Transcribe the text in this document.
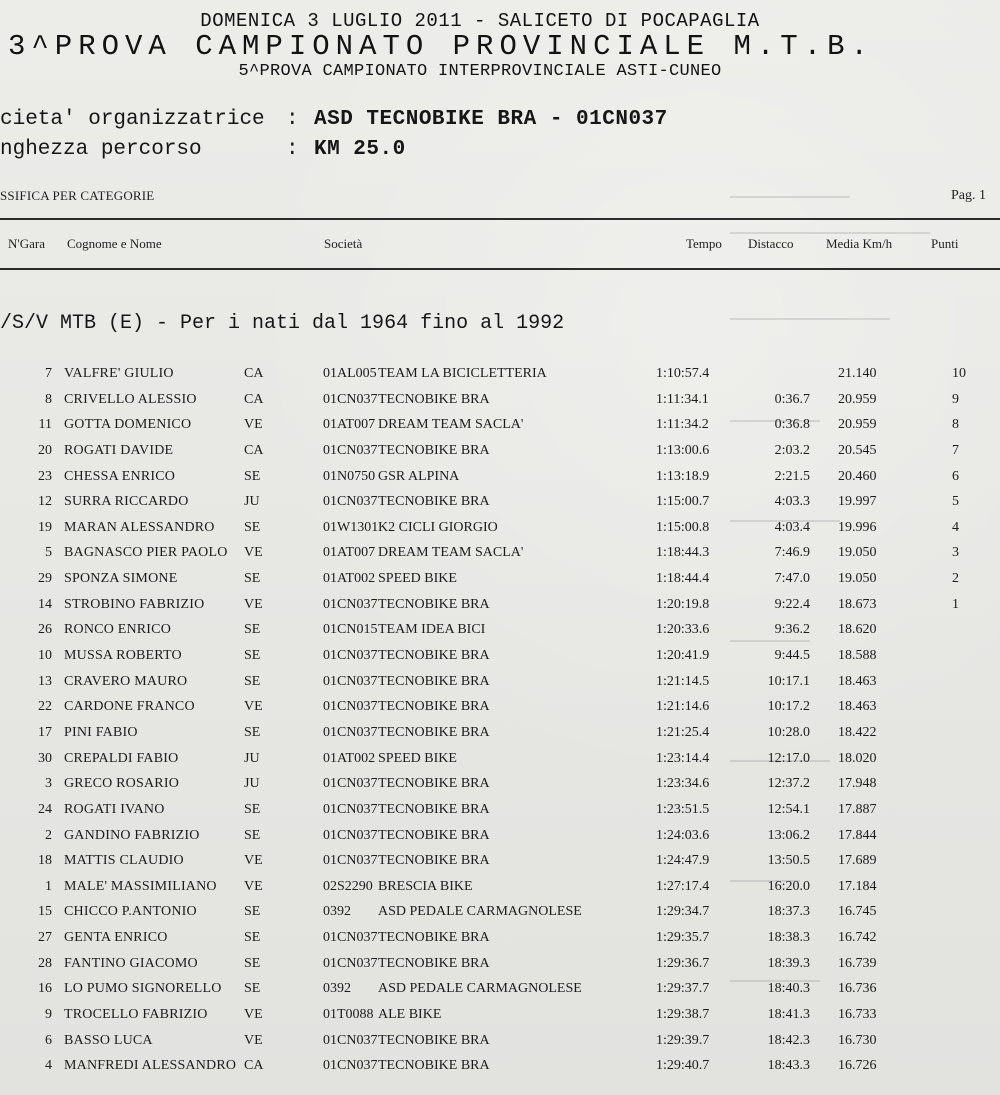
DOMENICA 3 LUGLIO 2011 - SALICETO DI POCAPAGLIA
3^PROVA CAMPIONATO PROVINCIALE M.T.B.
5^PROVA CAMPIONATO INTERPROVINCIALE ASTI-CUNEO
cieta' organizzatrice : ASD TECNOBIKE BRA - 01CN037
nghezza percorso	: KM 25.0
SSIFICA PER CATEGORIE	Pag. 1
N'Gara Cognome e Nome	Società	Tempo Distacco	Media Km/h	Punti
/S/V MTB (E) - Per i nati dal 1964 fino al 1992
7 VALFRE' GIULIO	CA	01AL005 TEAM LA BICICLETTERIA	1:10:57.4	21.140	10
8 CRIVELLO ALESSIO	CA	01CN037 TECNOBIKE BRA	1:11:34.1	0:36.7 20.959	9
11 GOTTA DOMENICO	VE	01AT007 DREAM TEAM SACLA'	1:11:34.2	0:36.8 20.959	8
20 ROGATI DAVIDE	CA	01CN037 TECNOBIKE BRA	1:13:00.6	2:03.2 20.545	7
23 CHESSA ENRICO	SE	01N0750 GSR ALPINA	1:13:18.9	2:21.5 20.460	6
12 SURRA RICCARDO	JU	01CN037 TECNOBIKE BRA	1:15:00.7	4:03.3 19.997	5
19 MARAN ALESSANDRO SE	01W1301 K2 CICLI GIORGIO	1:15:00.8	4:03.4 19.996	4
5 BAGNASCO PIER PAOLO VE	01AT007 DREAM TEAM SACLA'	1:18:44.3	7:46.9 19.050	3
29 SPONZA SIMONE	SE	01AT002 SPEED BIKE	1:18:44.4	7:47.0 19.050	2
14 STROBINO FABRIZIO	VE	01CN037 TECNOBIKE BRA	1:20:19.8	9:22.4 18.673	1
26 RONCO ENRICO	SE	01CN015 TEAM IDEA BICI	1:20:33.6	9:36.2 18.620
10 MUSSA ROBERTO	SE	01CN037 TECNOBIKE BRA	1:20:41.9	9:44.5 18.588
13 CRAVERO MAURO	SE	01CN037 TECNOBIKE BRA	1:21:14.5	10:17.1 18.463
22 CARDONE FRANCO	VE	01CN037 TECNOBIKE BRA	1:21:14.6	10:17.2 18.463
17 PINI FABIO	SE	01CN037 TECNOBIKE BRA	1:21:25.4	10:28.0 18.422
30 CREPALDI FABIO	JU	01AT002 SPEED BIKE	1:23:14.4	12:17.0 18.020
3 GRECO ROSARIO	JU	01CN037 TECNOBIKE BRA	1:23:34.6	12:37.2 17.948
24 ROGATI IVANO	SE	01CN037 TECNOBIKE BRA	1:23:51.5	12:54.1 17.887
2 GANDINO FABRIZIO	SE	01CN037 TECNOBIKE BRA	1:24:03.6	13:06.2 17.844
18 MATTIS CLAUDIO	VE	01CN037 TECNOBIKE BRA	1:24:47.9	13:50.5 17.689
1 MALE' MASSIMILIANO VE	02S2290 BRESCIA BIKE	1:27:17.4	16:20.0 17.184
15 CHICCO P.ANTONIO	SE	0392 ASD PEDALE CARMAGNOLESE	1:29:34.7	18:37.3 16.745
27 GENTA ENRICO	SE	01CN037 TECNOBIKE BRA	1:29:35.7	18:38.3 16.742
28 FANTINO GIACOMO	SE	01CN037 TECNOBIKE BRA	1:29:36.7	18:39.3 16.739
16 LO PUMO SIGNORELLO SE	0392 ASD PEDALE CARMAGNOLESE	1:29:37.7	18:40.3 16.736
9 TROCELLO FABRIZIO	VE	01T0088 ALE BIKE	1:29:38.7	18:41.3 16.733
6 BASSO LUCA	VE	01CN037 TECNOBIKE BRA	1:29:39.7	18:42.3 16.730
4 MANFREDI ALESSANDRO CA	01CN037 TECNOBIKE BRA	1:29:40.7	18:43.3 16.726
